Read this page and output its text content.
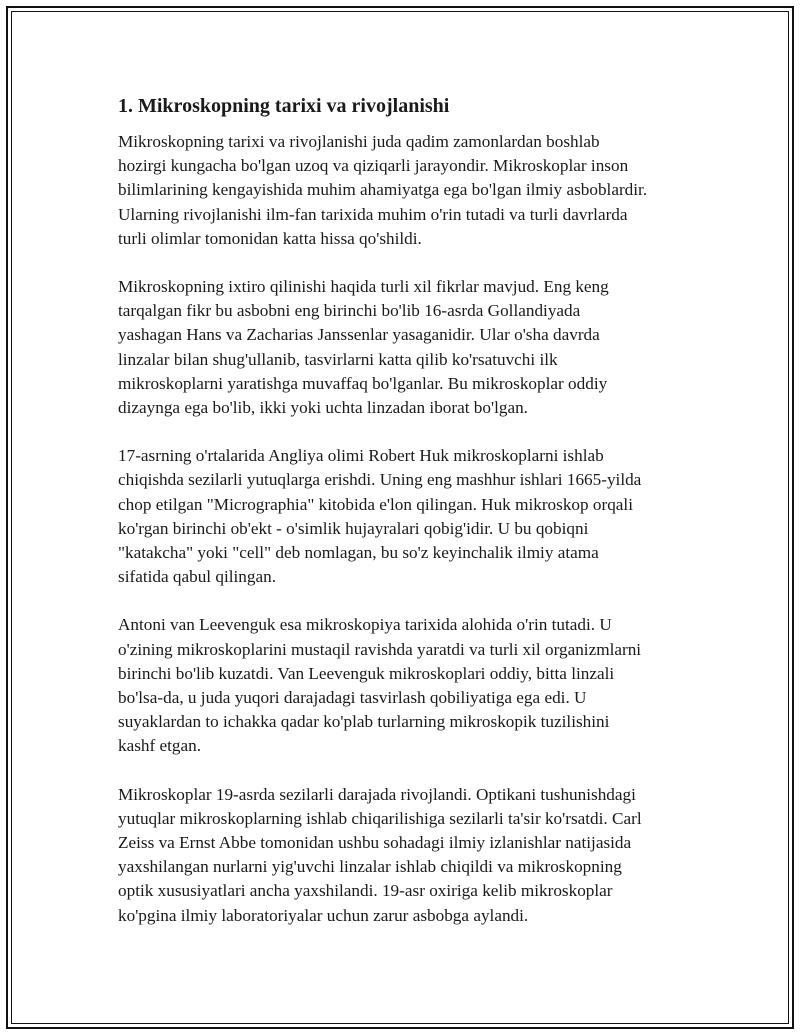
1. Mikroskopning tarixi va rivojlanishi

Mikroskopning tarixi va rivojlanishi juda qadim zamonlardan boshlab
hozirgi kungacha bo'lgan uzoq va qiziqarli jarayondir. Mikroskoplar inson
bilimlarining kengayishida muhim ahamiyatga ega bo'lgan ilmiy asboblardir.
Ularning rivojlanishi ilm-fan tarixida muhim o'rin tutadi va turli davrlarda
turli olimlar tomonidan katta hissa qo'shildi.

Mikroskopning ixtiro qilinishi haqida turli xil fikrlar mavjud. Eng keng
tarqalgan fikr bu asbobni eng birinchi bo'lib 16-asrda Gollandiyada
yashagan Hans va Zacharias Janssenlar yasaganidir. Ular o'sha davrda
linzalar bilan shug'ullanib, tasvirlarni katta qilib ko'rsatuvchi ilk
mikroskoplarni yaratishga muvaffaq bo'lganlar. Bu mikroskoplar oddiy
dizaynga ega bo'lib, ikki yoki uchta linzadan iborat bo'lgan.

17-asrning o'rtalarida Angliya olimi Robert Huk mikroskoplarni ishlab
chiqishda sezilarli yutuqlarga erishdi. Uning eng mashhur ishlari 1665-yilda
chop etilgan "Micrographia" kitobida e'lon qilingan. Huk mikroskop orqali
ko'rgan birinchi ob'ekt - o'simlik hujayralari qobig'idir. U bu qobiqni
"katakcha" yoki "cell" deb nomlagan, bu so'z keyinchalik ilmiy atama
sifatida qabul qilingan.

Antoni van Leevenguk esa mikroskopiya tarixida alohida o'rin tutadi. U
o'zining mikroskoplarini mustaqil ravishda yaratdi va turli xil organizmlarni
birinchi bo'lib kuzatdi. Van Leevenguk mikroskoplari oddiy, bitta linzali
bo'lsa-da, u juda yuqori darajadagi tasvirlash qobiliyatiga ega edi. U
suyaklardan to ichakka qadar ko'plab turlarning mikroskopik tuzilishini
kashf etgan.

Mikroskoplar 19-asrda sezilarli darajada rivojlandi. Optikani tushunishdagi
yutuqlar mikroskoplarning ishlab chiqarilishiga sezilarli ta'sir ko'rsatdi. Carl
Zeiss va Ernst Abbe tomonidan ushbu sohadagi ilmiy izlanishlar natijasida
yaxshilangan nurlarni yig'uvchi linzalar ishlab chiqildi va mikroskopning
optik xususiyatlari ancha yaxshilandi. 19-asr oxiriga kelib mikroskoplar
ko'pgina ilmiy laboratoriyalar uchun zarur asbobga aylandi.
